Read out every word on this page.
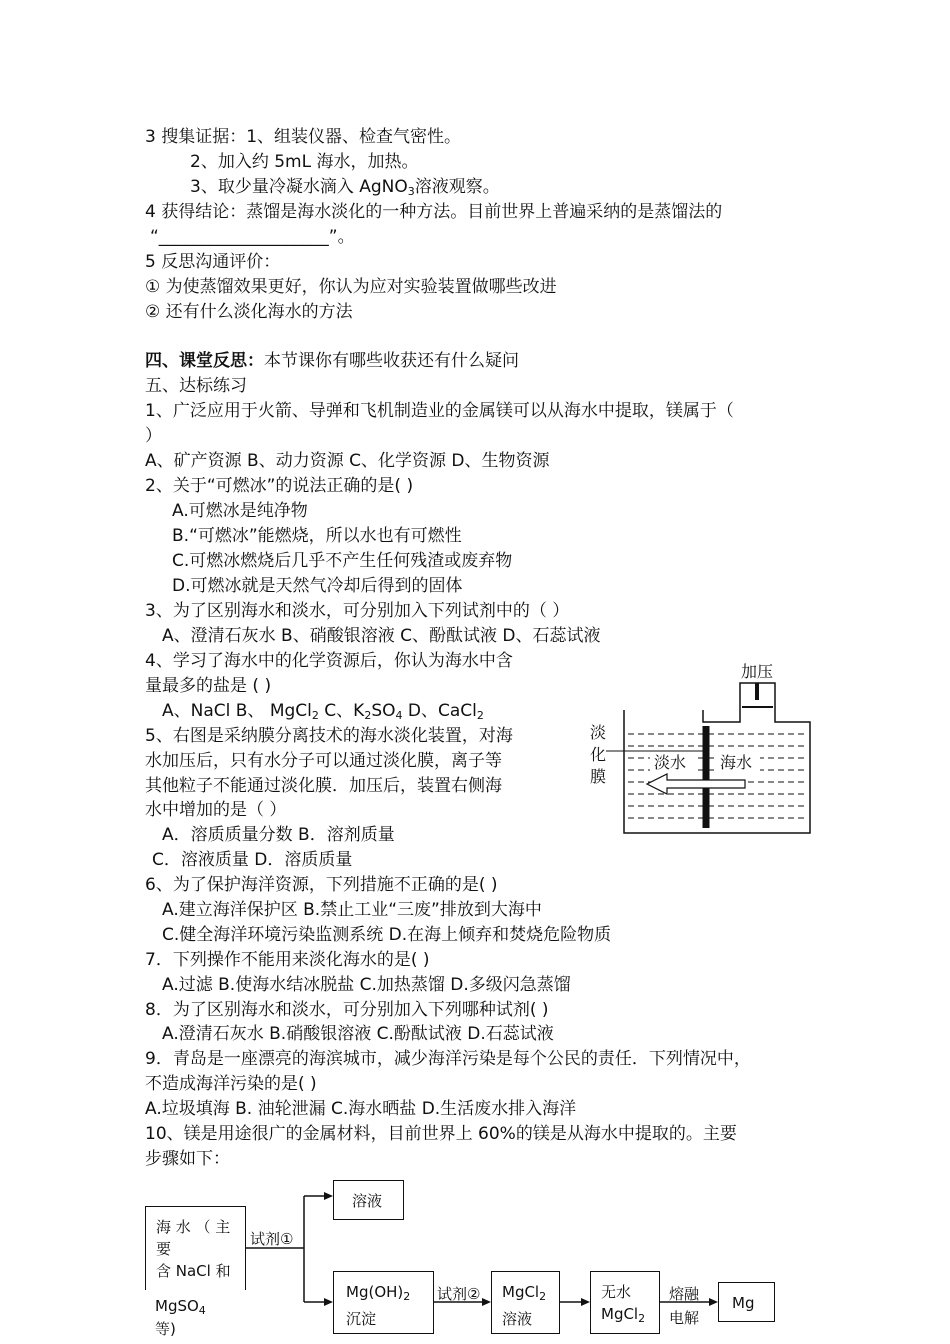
3 搜集证据：1、组装仪器、检查气密性。
2、加入约 5mL 海水，加热。
3、取少量冷凝水滴入 AgNO$_3$溶液观察。
4 获得结论：蒸馏是海水淡化的一种方法。目前世界上普遍采纳的是蒸馏法的
“____________________”。
5 反思沟通评价：
① 为使蒸馏效果更好，你认为应对实验装置做哪些改进
② 还有什么淡化海水的方法
四、课堂反思：本节课你有哪些收获还有什么疑问
五、达标练习
1、广泛应用于火箭、导弹和飞机制造业的金属镁可以从海水中提取，镁属于（
）
A、矿产资源 B、动力资源 C、化学资源 D、生物资源
2、关于“可燃冰”的说法正确的是( )
A.可燃冰是纯净物
B.“可燃冰”能燃烧，所以水也有可燃性
C.可燃冰燃烧后几乎不产生任何残渣或废弃物
D.可燃冰就是天然气冷却后得到的固体
3、为了区别海水和淡水，可分别加入下列试剂中的（ ）
A、澄清石灰水 B、硝酸银溶液 C、酚酞试液 D、石蕊试液
4、学习了海水中的化学资源后，你认为海水中含
量最多的盐是 ( )
A、NaCl B、 MgCl$_2$ C、$K_2SO_4$ D、CaCl$_2$
5、右图是采纳膜分离技术的海水淡化装置，对海
水加压后，只有水分子可以通过淡化膜，离子等
其他粒子不能通过淡化膜．加压后，装置右侧海
水中增加的是（ ）
A．溶质质量分数 B．溶剂质量
C．溶液质量 D．溶质质量
6、为了保护海洋资源，下列措施不正确的是( )
A.建立海洋保护区 B.禁止工业“三废”排放到大海中
C.健全海洋环境污染监测系统 D.在海上倾弃和焚烧危险物质
7．下列操作不能用来淡化海水的是( )
A.过滤 B.使海水结冰脱盐 C.加热蒸馏 D.多级闪急蒸馏
8．为了区别海水和淡水，可分别加入下列哪种试剂( )
A.澄清石灰水 B.硝酸银溶液 C.酚酞试液 D.石蕊试液
9．青岛是一座漂亮的海滨城市，减少海洋污染是每个公民的责任．下列情况中，
不造成海洋污染的是( )
A.垃圾填海 B. 油轮泄漏 C.海水晒盐 D.生活废水排入海洋
10、镁是用途很广的金属材料，目前世界上 60%的镁是从海水中提取的。主要
步骤如下：
加压
淡
化
膜
淡水 海水
海 水 （ 主
要
含 NaCl 和
MgSO$_4$
等)
试剂①
溶液
$Mg(OH)_2$
沉淀
试剂② MgCl$_2$
溶液
无水
MgCl$_2$
熔融
电解
Mg
